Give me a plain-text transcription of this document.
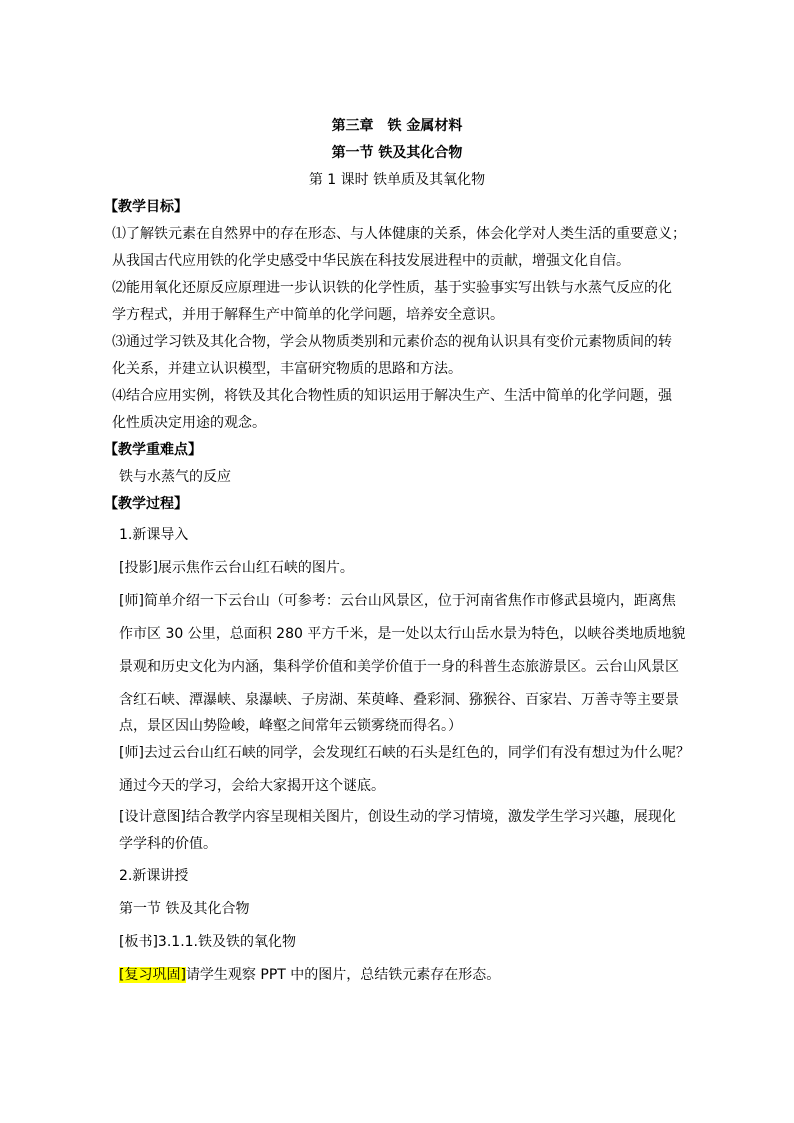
第三章　铁 金属材料
第一节 铁及其化合物
第 1 课时 铁单质及其氧化物
【教学目标】
⑴了解铁元素在自然界中的存在形态、与人体健康的关系，体会化学对人类生活的重要意义；
从我国古代应用铁的化学史感受中华民族在科技发展进程中的贡献，增强文化自信。
⑵能用氧化还原反应原理进一步认识铁的化学性质，基于实验事实写出铁与水蒸气反应的化
学方程式，并用于解释生产中简单的化学问题，培养安全意识。
⑶通过学习铁及其化合物，学会从物质类别和元素价态的视角认识具有变价元素物质间的转
化关系，并建立认识模型，丰富研究物质的思路和方法。
⑷结合应用实例，将铁及其化合物性质的知识运用于解决生产、生活中简单的化学问题，强
化性质决定用途的观念。
【教学重难点】
铁与水蒸气的反应
【教学过程】
1.新课导入
[投影]展示焦作云台山红石峡的图片。
[师]简单介绍一下云台山（可参考：云台山风景区，位于河南省焦作市修武县境内，距离焦
作市区 30 公里，总面积 280 平方千米，是一处以太行山岳水景为特色，以峡谷类地质地貌
景观和历史文化为内涵，集科学价值和美学价值于一身的科普生态旅游景区。云台山风景区
含红石峡、潭瀑峡、泉瀑峡、子房湖、茱萸峰、叠彩洞、猕猴谷、百家岩、万善寺等主要景
点，景区因山势险峻，峰壑之间常年云锁雾绕而得名。）
[师]去过云台山红石峡的同学，会发现红石峡的石头是红色的，同学们有没有想过为什么呢？
通过今天的学习，会给大家揭开这个谜底。
[设计意图]结合教学内容呈现相关图片，创设生动的学习情境，激发学生学习兴趣，展现化
学学科的价值。
2.新课讲授
第一节 铁及其化合物
[板书]3.1.1.铁及铁的氧化物
[复习巩固]请学生观察 PPT 中的图片，总结铁元素存在形态。
